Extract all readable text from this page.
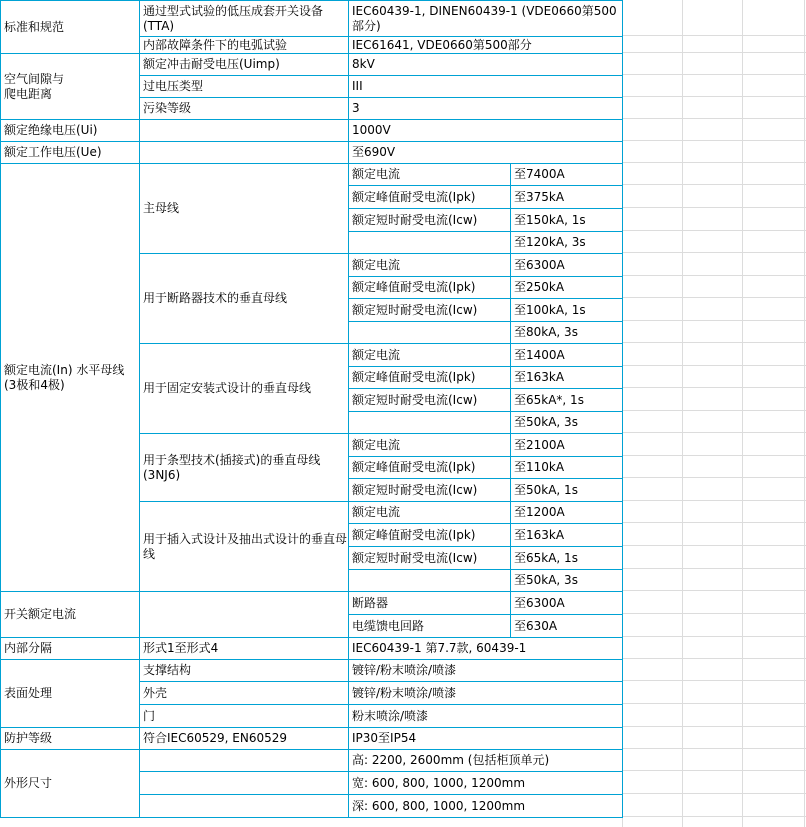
标准和规范	通过型式试验的低压成套开关设备(TTA)	IEC60439-1, DINEN60439-1 (VDE0660第500部分)	
	内部故障条件下的电弧试验	IEC61641, VDE0660第500部分	
空气间隙与爬电距离	额定冲击耐受电压(Uimp)	8kV	
	过电压类型	III	
	污染等级	3	
额定绝缘电压(Ui)		1000V	
额定工作电压(Ue)		至690V	
额定电流(In) 水平母线(3极和4极)	主母线	额定电流	至7400A
		额定峰值耐受电流(Ipk)	至375kA
		额定短时耐受电流(Icw)	至150kA, 1s
			至120kA, 3s
	用于断路器技术的垂直母线	额定电流	至6300A
		额定峰值耐受电流(Ipk)	至250kA
		额定短时耐受电流(Icw)	至100kA, 1s
			至80kA, 3s
	用于固定安装式设计的垂直母线	额定电流	至1400A
		额定峰值耐受电流(Ipk)	至163kA
		额定短时耐受电流(Icw)	至65kA*, 1s
			至50kA, 3s
	用于条型技术(插接式)的垂直母线(3NJ6)	额定电流	至2100A
		额定峰值耐受电流(Ipk)	至110kA
		额定短时耐受电流(Icw)	至50kA, 1s
	用于插入式设计及抽出式设计的垂直母线	额定电流	至1200A
		额定峰值耐受电流(Ipk)	至163kA
		额定短时耐受电流(Icw)	至65kA, 1s
			至50kA, 3s
开关额定电流		断路器	至6300A
		电缆馈电回路	至630A
内部分隔	形式1至形式4	IEC60439-1 第7.7款, 60439-1	
表面处理	支撑结构	镀锌/粉末喷涂/喷漆	
	外壳	镀锌/粉末喷涂/喷漆	
	门	粉末喷涂/喷漆	
防护等级	符合IEC60529, EN60529	IP30至IP54	
外形尺寸		高: 2200, 2600mm (包括柜顶单元)	
		宽: 600, 800, 1000, 1200mm	
		深: 600, 800, 1000, 1200mm	
